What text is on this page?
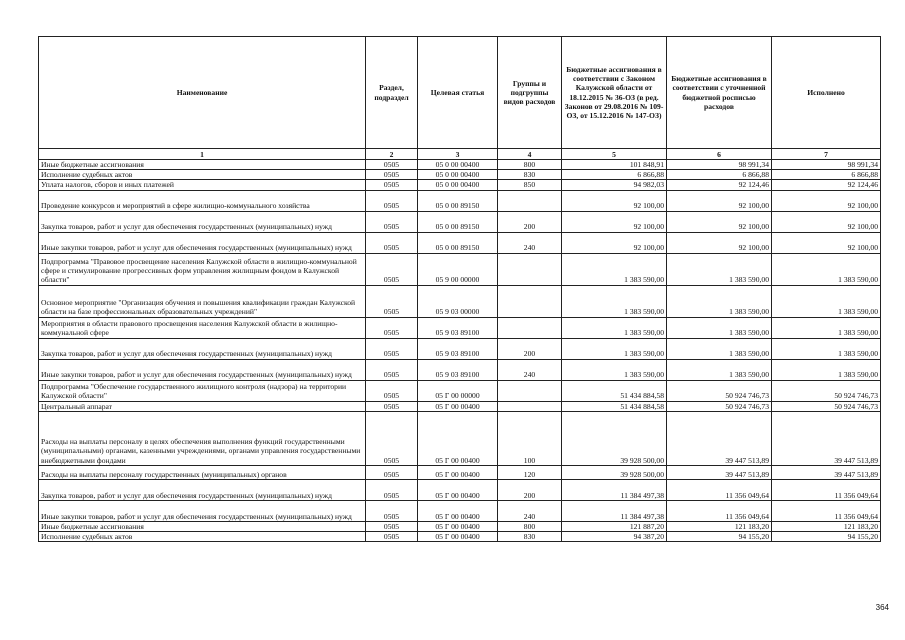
Наименование	Раздел, подраздел	Целевая статья	Группы и подгруппы видов расходов	Бюджетные ассигнования в соответствии с Законом Калужской области от 18.12.2015 № 36-ОЗ (в ред. Законов от 29.08.2016 № 109-ОЗ, от 15.12.2016 № 147-ОЗ)	Бюджетные ассигнования в соответствии с уточненной бюджетной росписью расходов	Исполнено
1	2	3	4	5	6	7
Иные бюджетные ассигнования	0505	05 0 00 00400	800	101 848,91	98 991,34	98 991,34
Исполнение судебных актов	0505	05 0 00 00400	830	6 866,88	6 866,88	6 866,88
Уплата налогов, сборов и иных платежей	0505	05 0 00 00400	850	94 982,03	92 124,46	92 124,46
Проведение конкурсов и мероприятий в сфере жилищно-коммунального хозяйства	0505	05 0 00 89150		92 100,00	92 100,00	92 100,00
Закупка товаров, работ и услуг для обеспечения государственных (муниципальных) нужд	0505	05 0 00 89150	200	92 100,00	92 100,00	92 100,00
Иные закупки товаров, работ и услуг для обеспечения государственных (муниципальных) нужд	0505	05 0 00 89150	240	92 100,00	92 100,00	92 100,00
Подпрограмма "Правовое просвещение населения Калужской области в жилищно-коммунальной сфере и стимулирование прогрессивных форм управления жилищным фондом в Калужской области"	0505	05 9 00 00000		1 383 590,00	1 383 590,00	1 383 590,00
Основное мероприятие "Организация обучения и повышения квалификации граждан Калужской области на базе профессиональных образовательных учреждений"	0505	05 9 03 00000		1 383 590,00	1 383 590,00	1 383 590,00
Мероприятия в области правового просвещения населения Калужской области в жилищно-коммунальной сфере	0505	05 9 03 89100		1 383 590,00	1 383 590,00	1 383 590,00
Закупка товаров, работ и услуг для обеспечения государственных (муниципальных) нужд	0505	05 9 03 89100	200	1 383 590,00	1 383 590,00	1 383 590,00
Иные закупки товаров, работ и услуг для обеспечения государственных (муниципальных) нужд	0505	05 9 03 89100	240	1 383 590,00	1 383 590,00	1 383 590,00
Подпрограмма "Обеспечение государственного жилищного контроля (надзора) на территории Калужской области"	0505	05 Г 00 00000		51 434 884,58	50 924 746,73	50 924 746,73
Центральный аппарат	0505	05 Г 00 00400		51 434 884,58	50 924 746,73	50 924 746,73
Расходы на выплаты персоналу в целях обеспечения выполнения функций государственными (муниципальными) органами, казенными учреждениями, органами управления государственными внебюджетными фондами	0505	05 Г 00 00400	100	39 928 500,00	39 447 513,89	39 447 513,89
Расходы на выплаты персоналу государственных (муниципальных) органов	0505	05 Г 00 00400	120	39 928 500,00	39 447 513,89	39 447 513,89
Закупка товаров, работ и услуг для обеспечения государственных (муниципальных) нужд	0505	05 Г 00 00400	200	11 384 497,38	11 356 049,64	11 356 049,64
Иные закупки товаров, работ и услуг для обеспечения государственных (муниципальных) нужд	0505	05 Г 00 00400	240	11 384 497,38	11 356 049,64	11 356 049,64
Иные бюджетные ассигнования	0505	05 Г 00 00400	800	121 887,20	121 183,20	121 183,20
Исполнение судебных актов	0505	05 Г 00 00400	830	94 387,20	94 155,20	94 155,20
364
